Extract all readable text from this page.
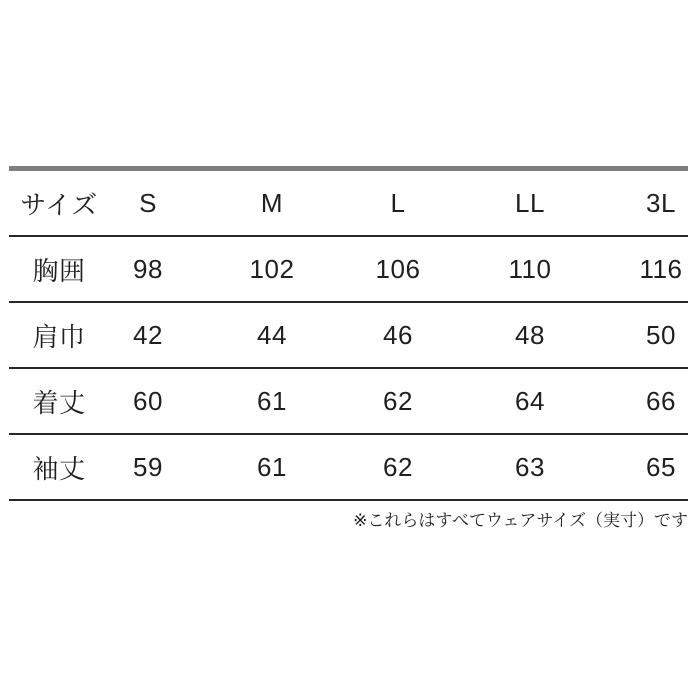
サイズ	S	M	L	LL	3L
胸囲	98	102	106	110	116
肩巾	42	44	46	48	50
着丈	60	61	62	64	66
袖丈	59	61	62	63	65
※これらはすべてウェアサイズ（実寸）です
